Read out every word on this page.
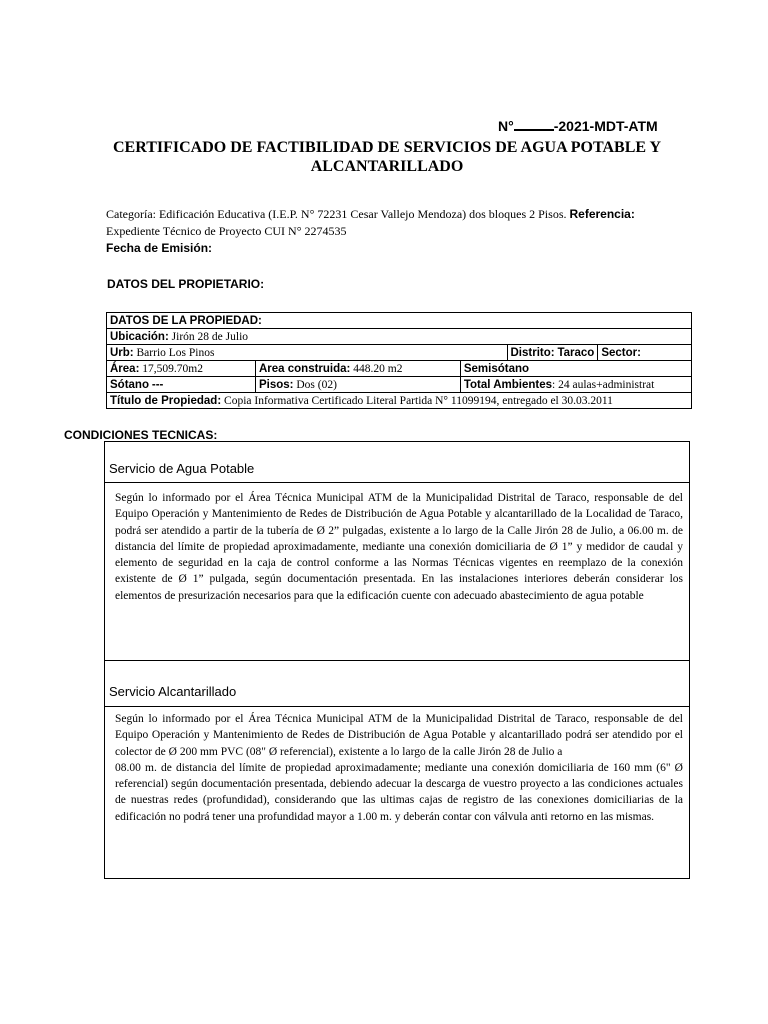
N°	-2021-MDT-ATM
CERTIFICADO DE FACTIBILIDAD DE SERVICIOS DE AGUA POTABLE Y ALCANTARILLADO
Categoría: Edificación Educativa (I.E.P. N° 72231 Cesar Vallejo Mendoza) dos bloques 2 Pisos. Referencia:
Expediente Técnico de Proyecto CUI N° 2274535
Fecha de Emisión:
DATOS DEL PROPIETARIO:
DATOS DE LA PROPIEDAD:				
Ubicación: Jirón 28 de Julio				
Urb: Barrio Los Pinos			Distrito: Taraco	Sector:
Área: 17,509.70m2	Area construida: 448.20 m2	Semisótano		
Sótano ---	Pisos: Dos (02)	Total Ambientes: 24 aulas+administrat		
Título de Propiedad: Copia Informativa Certificado Literal Partida N° 11099194, entregado el 30.03.2011				
CONDICIONES TECNICAS:
Servicio de Agua Potable
Según lo informado por el Área Técnica Municipal ATM de la Municipalidad Distrital de Taraco, responsable de del Equipo Operación y Mantenimiento de Redes de Distribución de Agua Potable y alcantarillado de la Localidad de Taraco, podrá ser atendido a partir de la tubería de Ø 2” pulgadas, existente a lo largo de la Calle Jirón 28 de Julio, a 06.00 m. de distancia del límite de propiedad aproximadamente, mediante una conexión domiciliaria de Ø 1” y medidor de caudal y elemento de seguridad en la caja de control conforme a las Normas Técnicas vigentes en reemplazo de la conexión existente de Ø 1” pulgada, según documentación presentada. En las instalaciones interiores deberán considerar los elementos de presurización necesarios para que la edificación cuente con adecuado abastecimiento de agua potable
Servicio Alcantarillado
Según lo informado por el Área Técnica Municipal ATM de la Municipalidad Distrital de Taraco, responsable de del Equipo Operación y Mantenimiento de Redes de Distribución de Agua Potable y alcantarillado podrá ser atendido por el colector de Ø 200 mm PVC (08" Ø referencial), existente a lo largo de la calle Jirón 28 de Julio a
08.00 m. de distancia del límite de propiedad aproximadamente; mediante una conexión domiciliaria de 160 mm (6" Ø referencial) según documentación presentada, debiendo adecuar la descarga de vuestro proyecto a las condiciones actuales de nuestras redes (profundidad), considerando que las ultimas cajas de registro de las conexiones domiciliarias de la edificación no podrá tener una profundidad mayor a 1.00 m. y deberán contar con válvula anti retorno en las mismas.
